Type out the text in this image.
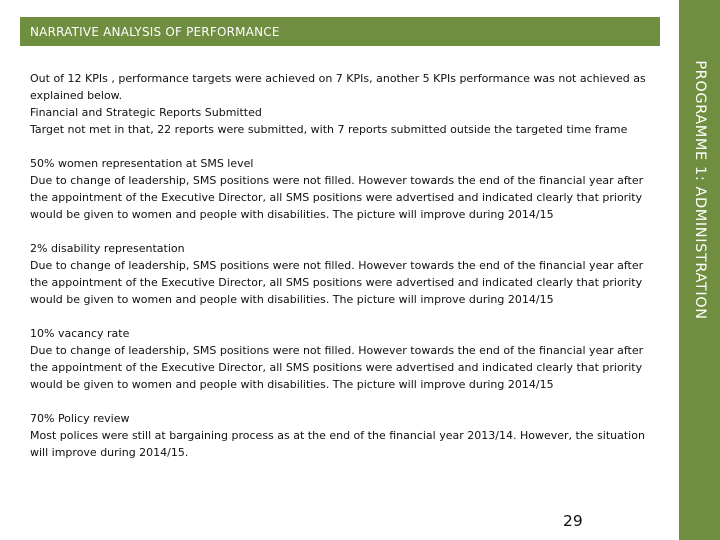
NARRATIVE ANALYSIS OF PERFORMANCE
PROGRAMME 1: ADMINISTRATION

Out of 12 KPIs , performance targets were achieved on 7 KPIs, another 5 KPIs performance was not achieved as explained below.

Financial and Strategic Reports Submitted

Target not met in that, 22 reports were submitted, with 7 reports submitted outside the targeted time frame

50% women representation at SMS level

Due to change of leadership, SMS positions were not filled. However towards the end of the financial year after the appointment of the Executive Director, all SMS positions were advertised and indicated clearly that priority would be given to women and people with disabilities. The picture will improve during 2014/15

2% disability representation

Due to change of leadership, SMS positions were not filled. However towards the end of the financial year after the appointment of the Executive Director, all SMS positions were advertised and indicated clearly that priority would be given to women and people with disabilities. The picture will improve during 2014/15

10% vacancy rate

Due to change of leadership, SMS positions were not filled. However towards the end of the financial year after the appointment of the Executive Director, all SMS positions were advertised and indicated clearly that priority would be given to women and people with disabilities. The picture will improve during 2014/15

70% Policy review

Most polices were still at bargaining process as at the end of the financial year 2013/14. However, the situation will improve during 2014/15.

29
